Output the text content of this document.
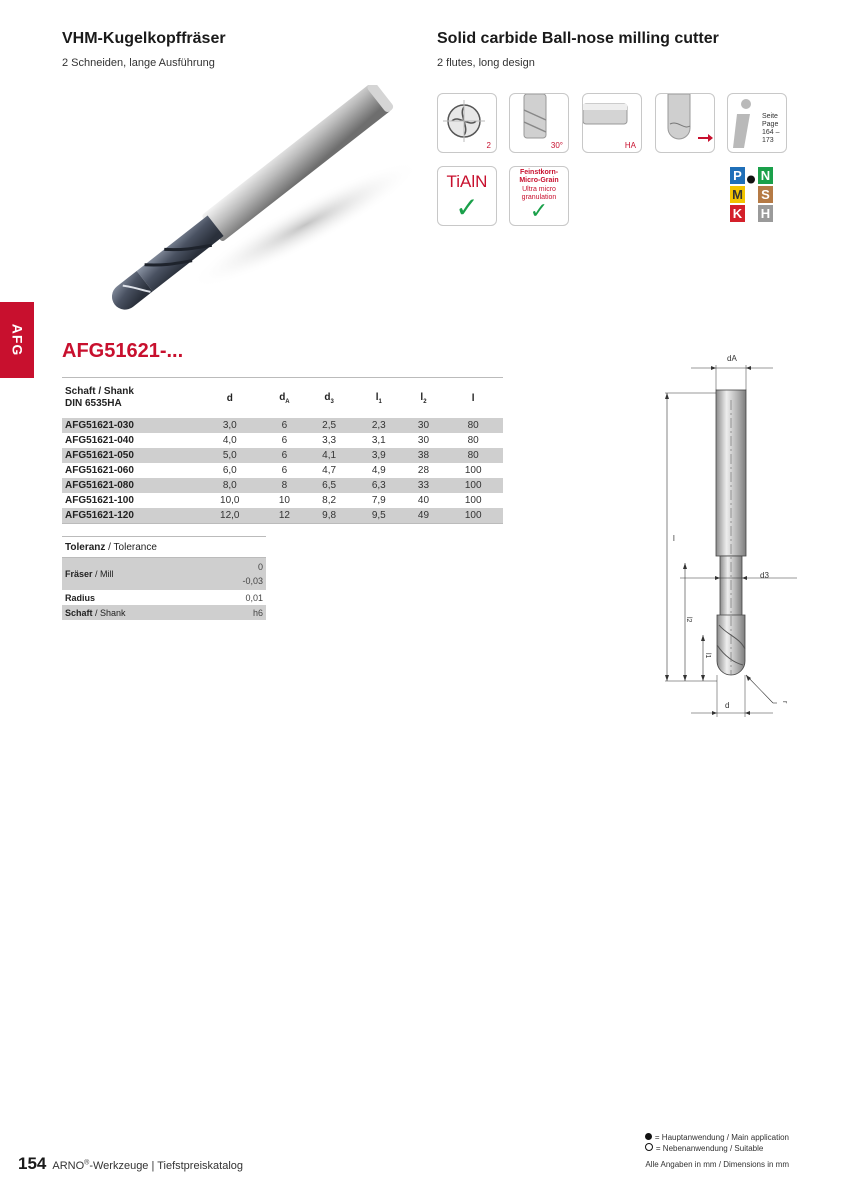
VHM-Kugelkopffräser
2 Schneiden, lange Ausführung
Solid carbide Ball-nose milling cutter
2 flutes, long design
AFG
2	30°	HA
Seite Page
164 – 173
TiAlN
✓
Feinstkorn-
Micro-Grain
Ultra micro
granulation
✓
P N
M S
K H
AFG51621-...
Schaft / Shank
DIN 6535HA	d	$d_A$	$d_3$	$l_1$	$l_2$	l
AFG51621-030	3,0	6	2,5	2,3	30	80
AFG51621-040	4,0	6	3,3	3,1	30	80
AFG51621-050	5,0	6	4,1	3,9	38	80
AFG51621-060	6,0	6	4,7	4,9	28	100
AFG51621-080	8,0	8	6,5	6,3	33	100
AFG51621-100	10,0	10	8,2	7,9	40	100
AFG51621-120	12,0	12	9,8	9,5	49	100
Toleranz / Tolerance	
Fräser / Mill	0
-0,03

Radius	0,01
Schaft / Shank	h6
dA
l
d3
l2
l1
d	r
= Hauptanwendung / Main application
= Nebenanwendung / Suitable
154 ARNO®-Werkzeuge | Tiefstpreiskatalog	Alle Angaben in mm / Dimensions in mm
